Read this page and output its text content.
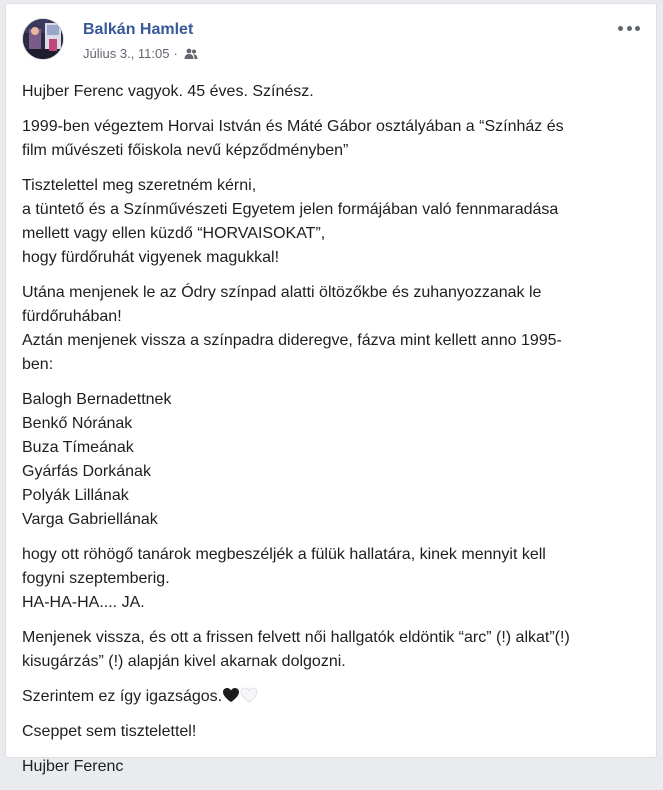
Balkán Hamlet
Július 3., 11:05 ·

Hujber Ferenc vagyok. 45 éves. Színész.

1999-ben végeztem Horvai István és Máté Gábor osztályában a “Színház és
film művészeti főiskola nevű képződményben”

Tisztelettel meg szeretném kérni,
a tüntető és a Színművészeti Egyetem jelen formájában való fennmaradása
mellett vagy ellen küzdő “HORVAISOKAT”,
hogy fürdőruhát vigyenek magukkal!

Utána menjenek le az Ódry színpad alatti öltözőkbe és zuhanyozzanak le
fürdőruhában!
Aztán menjenek vissza a színpadra dideregve, fázva mint kellett anno 1995-
ben:

Balogh Bernadettnek
Benkő Nórának
Buza Tímeának
Gyárfás Dorkának
Polyák Lillának
Varga Gabriellának

hogy ott röhögő tanárok megbeszéljék a fülük hallatára, kinek mennyit kell
fogyni szeptemberig.
HA-HA-HA.... JA.

Menjenek vissza, és ott a frissen felvett női hallgatók eldöntik “arc” (!) alkat”(!)
kisugárzás” (!) alapján kivel akarnak dolgozni.

Szerintem ez így igazságos.

Cseppet sem tisztelettel!

Hujber Ferenc
